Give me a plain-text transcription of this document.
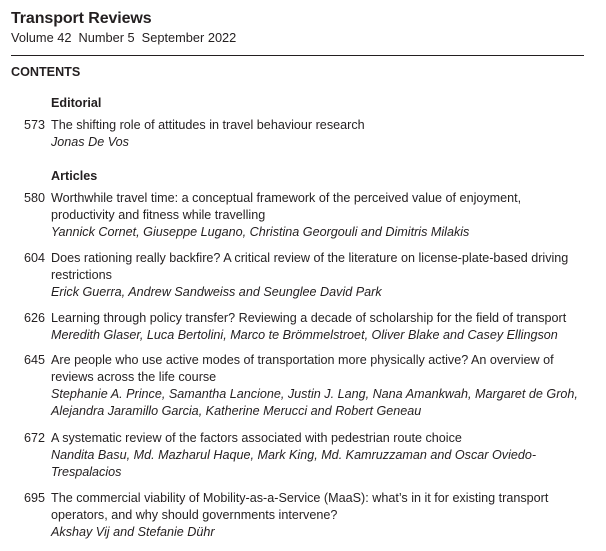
Transport Reviews
Volume 42 Number 5 September 2022
CONTENTS
Editorial
573 The shifting role of attitudes in travel behaviour research
Jonas De Vos
Articles
580 Worthwhile travel time: a conceptual framework of the perceived value of enjoyment, productivity and fitness while travelling
Yannick Cornet, Giuseppe Lugano, Christina Georgouli and Dimitris Milakis
604 Does rationing really backfire? A critical review of the literature on license-plate-based driving restrictions
Erick Guerra, Andrew Sandweiss and Seunglee David Park
626 Learning through policy transfer? Reviewing a decade of scholarship for the field of transport
Meredith Glaser, Luca Bertolini, Marco te Brömmelstroet, Oliver Blake and Casey Ellingson
645 Are people who use active modes of transportation more physically active? An overview of reviews across the life course
Stephanie A. Prince, Samantha Lancione, Justin J. Lang, Nana Amankwah, Margaret de Groh, Alejandra Jaramillo Garcia, Katherine Merucci and Robert Geneau
672 A systematic review of the factors associated with pedestrian route choice
Nandita Basu, Md. Mazharul Haque, Mark King, Md. Kamruzzaman and Oscar Oviedo-Trespalacios
695 The commercial viability of Mobility-as-a-Service (MaaS): what’s in it for existing transport operators, and why should governments intervene?
Akshay Vij and Stefanie Dühr
